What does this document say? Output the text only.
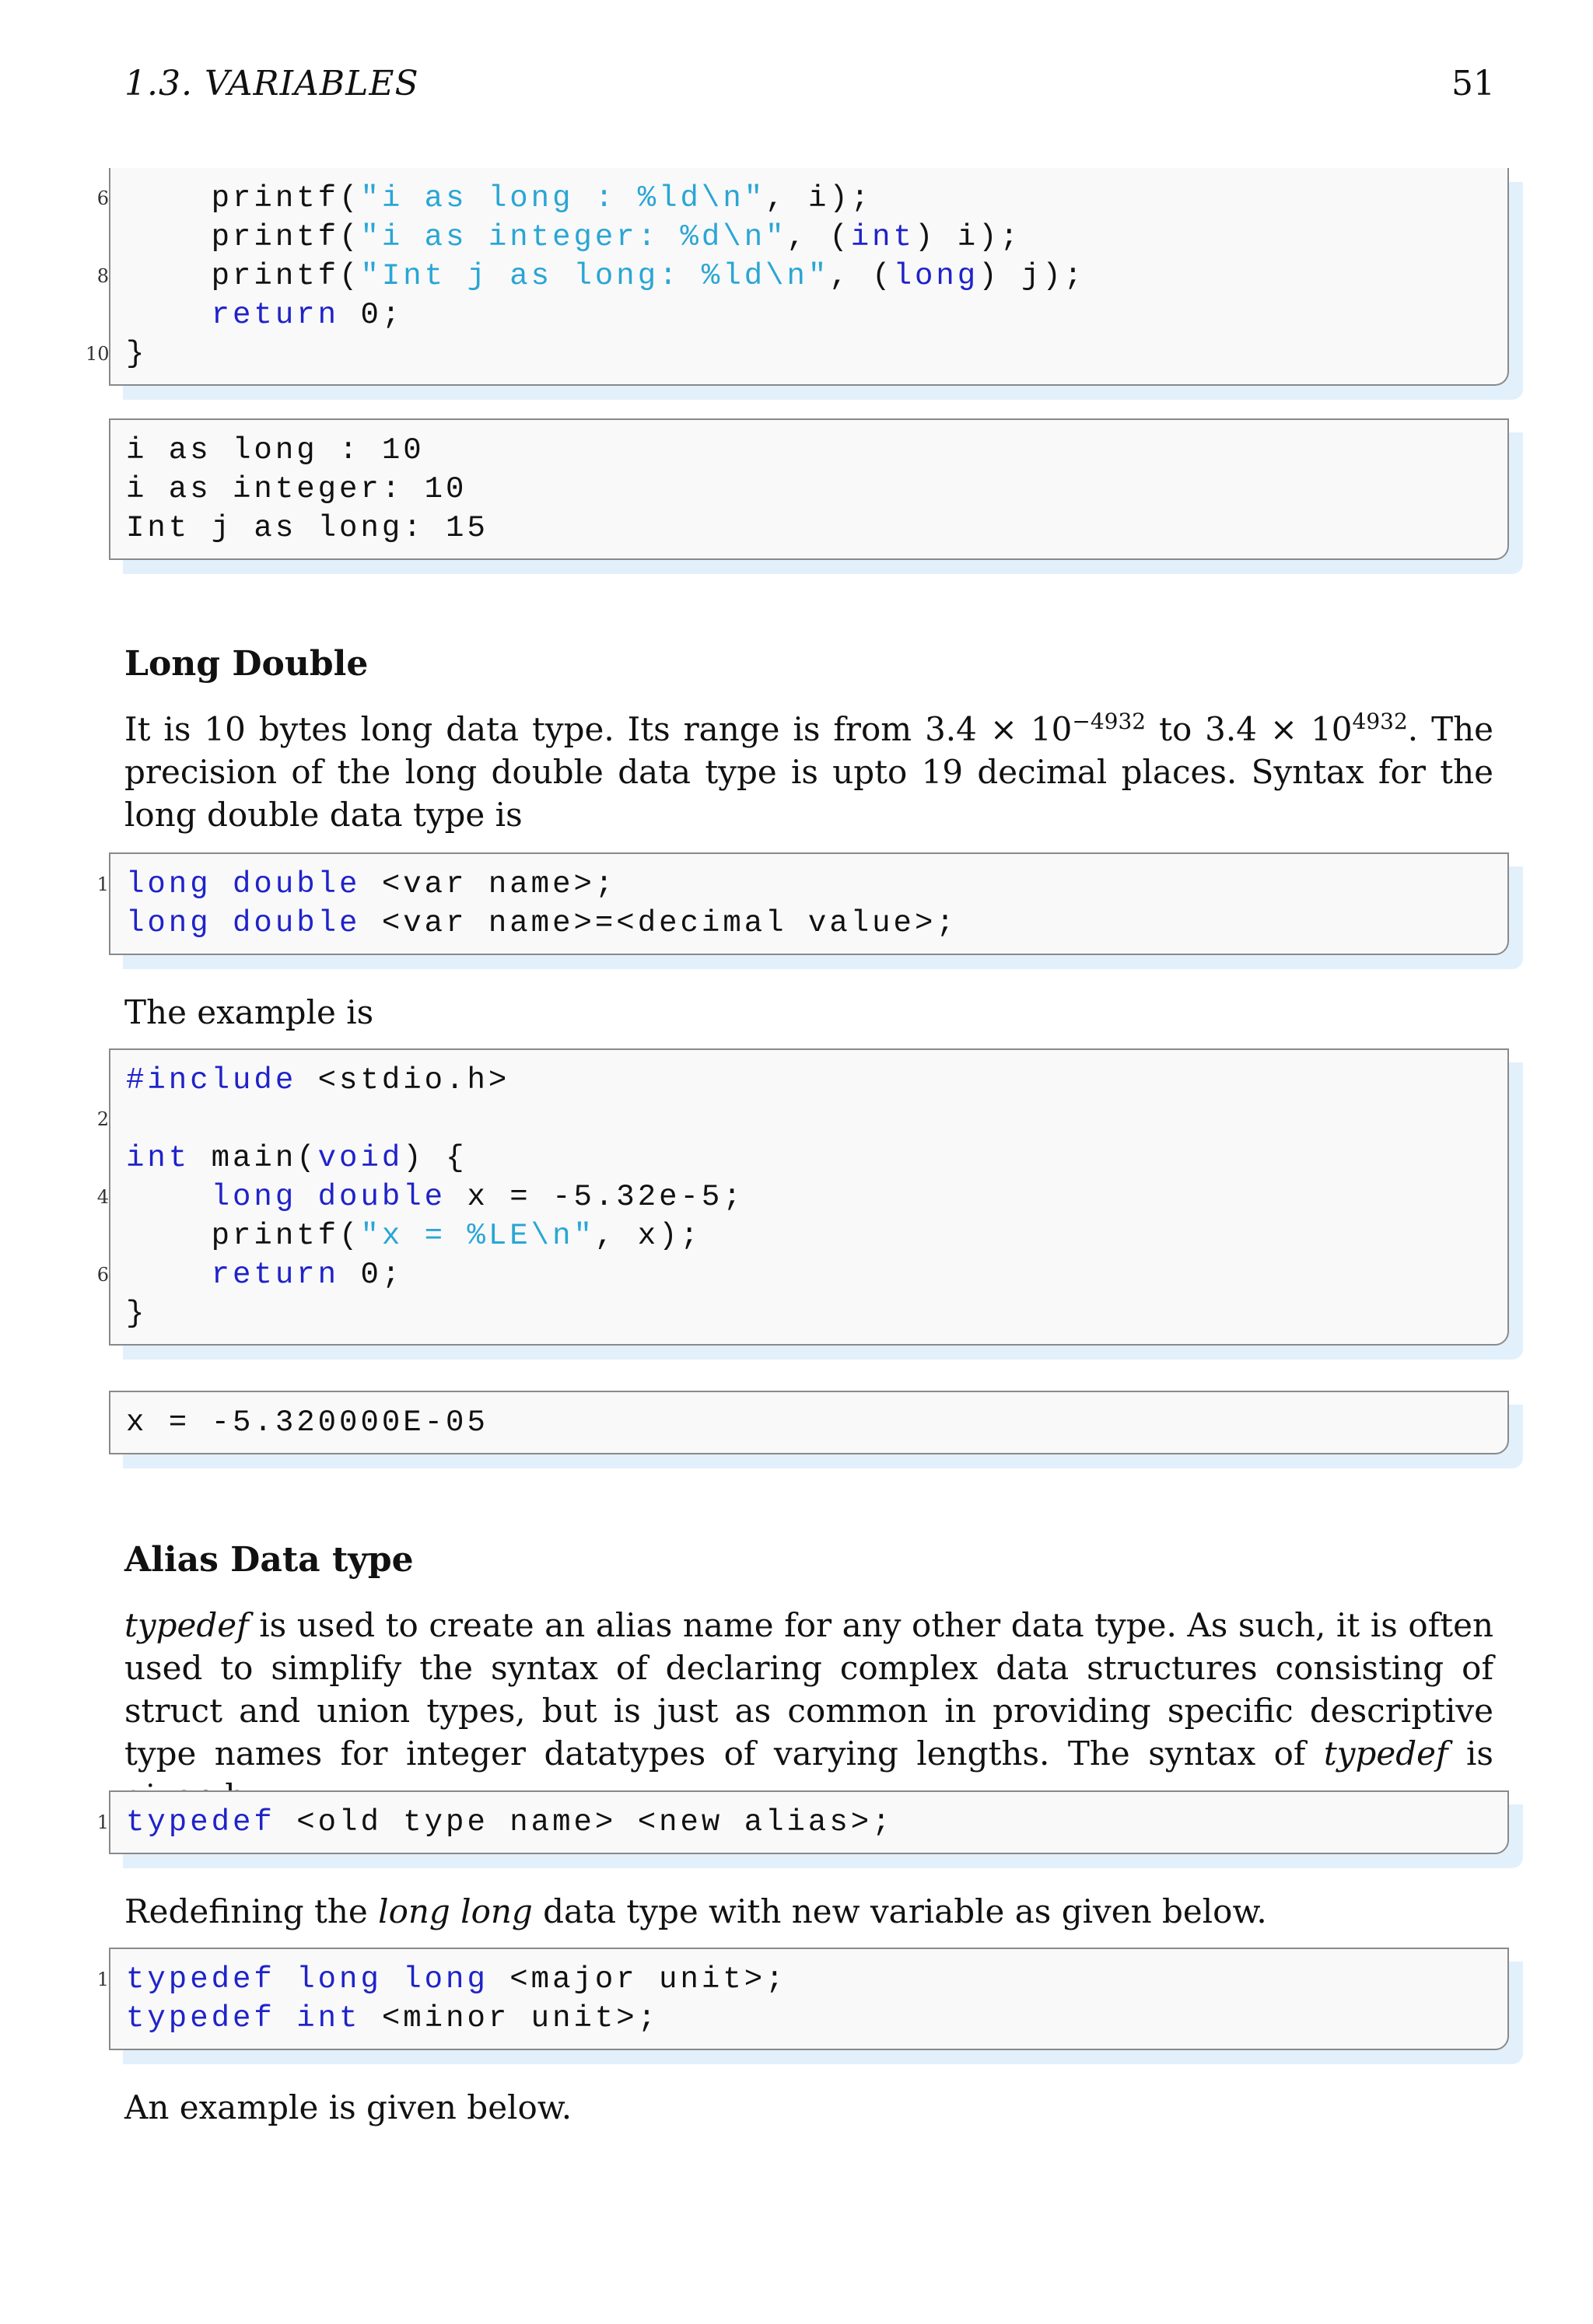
1.3. VARIABLES	51
6 printf("i as long : %ld\n", i);
printf("i as integer: %d\n", (int) i);
8 printf("Int j as long: %ld\n", (long) j);
return 0;
10 }
i as long : 10
i as integer: 10
Int j as long: 15
Long Double
It is 10 bytes long data type. Its range is from $3.4 \times 10^{-4932}$ to $3.4 \times 10^{4932}$. The precision of the long double data type is upto 19 decimal places. Syntax for the long double data type is
1 long double <var name>;
long double <var name>=<decimal value>;
The example is
#include <stdio.h>
2
int main(void) {
4	long double x = -5.32e-5;
printf("x = %LE\n", x);
6	return 0;
}
x = -5.320000E-05
Alias Data type
typedef is used to create an alias name for any other data type. As such, it is often used to simplify the syntax of declaring complex data structures consisting of struct and union types, but is just as common in providing specific descriptive type names for integer datatypes of varying lengths. The syntax of typedef is
1 typedef <old type name> <new alias>;
Redefining the long long data type with new variable as given below.
1 typedef long long <major unit>;
typedef int <minor unit>;
An example is given below.
